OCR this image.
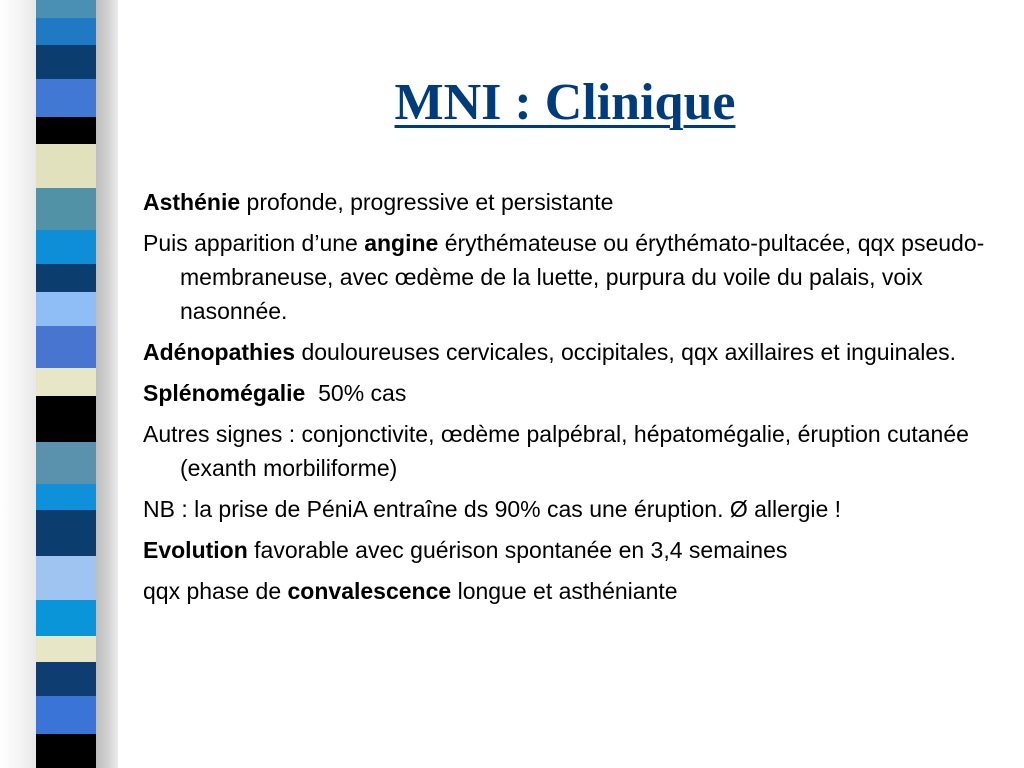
MNI : Clinique
Asthénie profonde, progressive et persistante
Puis apparition d’une angine érythémateuse ou érythémato-pultacée, qqx pseudo-membraneuse, avec œdème de la luette, purpura du voile du palais, voix nasonnée.
Adénopathies douloureuses cervicales, occipitales, qqx axillaires et inguinales.
Splénomégalie  50% cas
Autres signes : conjonctivite, œdème palpébral, hépatomégalie, éruption cutanée (exanth morbiliforme)
NB : la prise de PéniA entraîne ds 90% cas une éruption. Ø allergie !
Evolution favorable avec guérison spontanée en 3,4 semaines
qqx phase de convalescence longue et asthéniante
